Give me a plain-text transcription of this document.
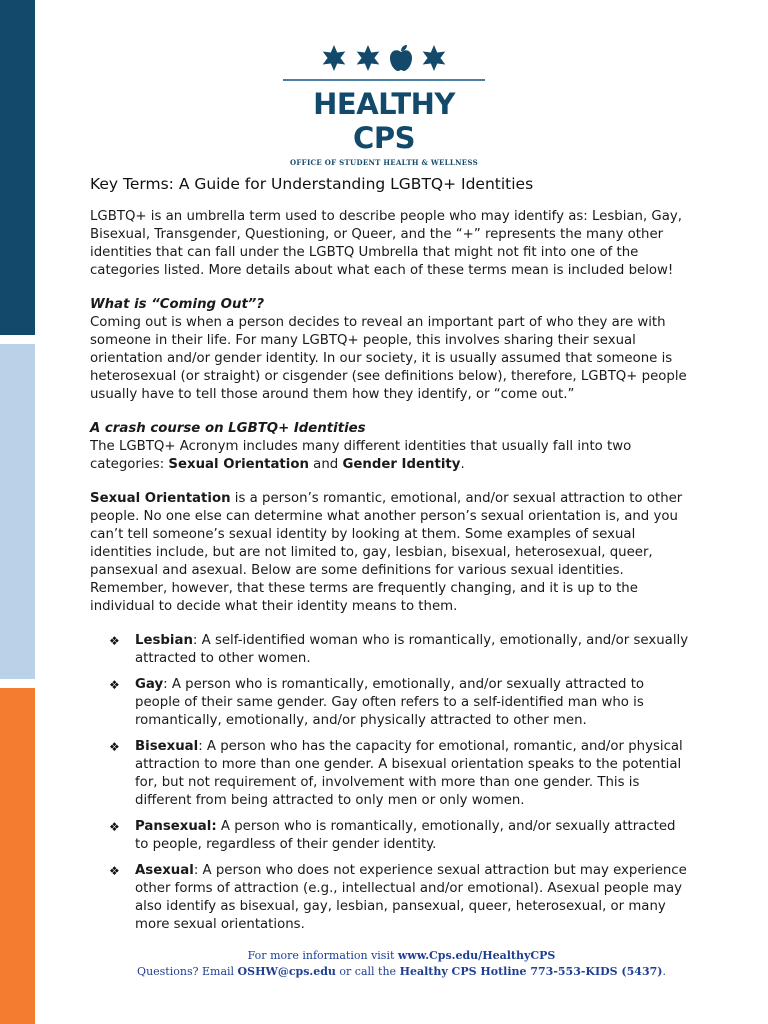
HEALTHY CPS
OFFICE OF STUDENT HEALTH & WELLNESS
Key Terms: A Guide for Understanding LGBTQ+ Identities

LGBTQ+ is an umbrella term used to describe people who may identify as: Lesbian, Gay, Bisexual, Transgender, Questioning, or Queer, and the “+” represents the many other identities that can fall under the LGBTQ Umbrella that might not fit into one of the categories listed. More details about what each of these terms mean is included below!

What is “Coming Out”?
Coming out is when a person decides to reveal an important part of who they are with someone in their life. For many LGBTQ+ people, this involves sharing their sexual orientation and/or gender identity. In our society, it is usually assumed that someone is heterosexual (or straight) or cisgender (see definitions below), therefore, LGBTQ+ people usually have to tell those around them how they identify, or “come out.”

A crash course on LGBTQ+ Identities
The LGBTQ+ Acronym includes many different identities that usually fall into two categories: Sexual Orientation and Gender Identity.

Sexual Orientation is a person’s romantic, emotional, and/or sexual attraction to other people. No one else can determine what another person’s sexual orientation is, and you can’t tell someone’s sexual identity by looking at them. Some examples of sexual identities include, but are not limited to, gay, lesbian, bisexual, heterosexual, queer, pansexual and asexual. Below are some definitions for various sexual identities. Remember, however, that these terms are frequently changing, and it is up to the individual to decide what their identity means to them.

❖ Lesbian: A self-identified woman who is romantically, emotionally, and/or sexually attracted to other women.
❖ Gay: A person who is romantically, emotionally, and/or sexually attracted to people of their same gender. Gay often refers to a self-identified man who is romantically, emotionally, and/or physically attracted to other men.
❖ Bisexual: A person who has the capacity for emotional, romantic, and/or physical attraction to more than one gender. A bisexual orientation speaks to the potential for, but not requirement of, involvement with more than one gender. This is different from being attracted to only men or only women.
❖ Pansexual: A person who is romantically, emotionally, and/or sexually attracted to people, regardless of their gender identity.
❖ Asexual: A person who does not experience sexual attraction but may experience other forms of attraction (e.g., intellectual and/or emotional). Asexual people may also identify as bisexual, gay, lesbian, pansexual, queer, heterosexual, or many more sexual orientations.
For more information visit www.Cps.edu/HealthyCPS
Questions? Email OSHW@cps.edu or call the Healthy CPS Hotline 773-553-KIDS (5437).
